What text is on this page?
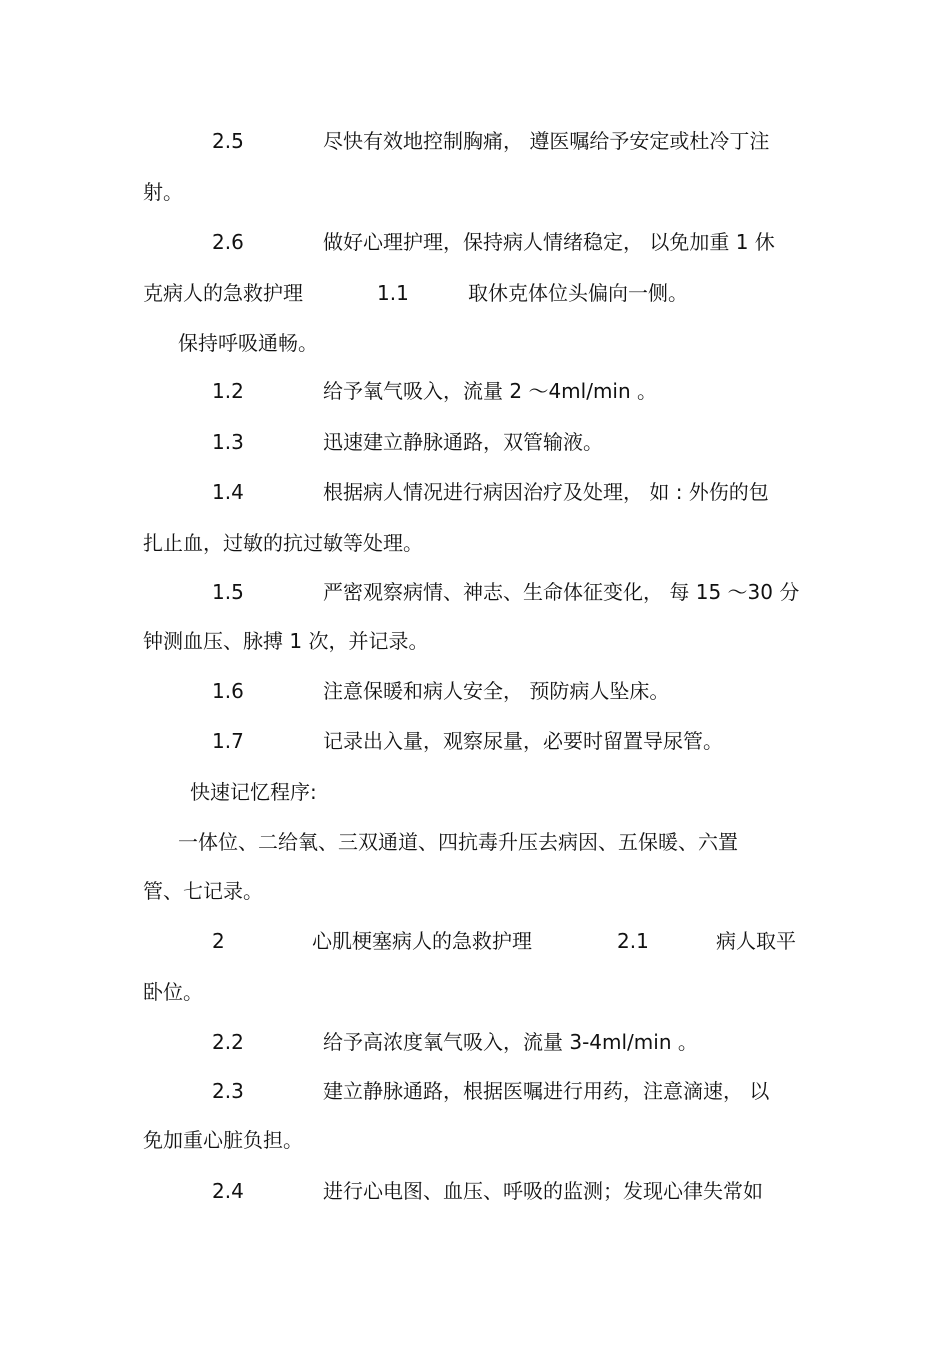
2.5	尽快有效地控制胸痛， 遵医嘱给予安定或杜冷丁注
射。
2.6	做好心理护理，保持病人情绪稳定， 以免加重 1 休
克病人的急救护理	1.1	取休克体位头偏向一侧。
保持呼吸通畅。
1.2	给予氧气吸入，流量 2 ～4ml/min 。
1.3	迅速建立静脉通路，双管输液。
1.4	根据病人情况进行病因治疗及处理， 如 : 外伤的包
扎止血，过敏的抗过敏等处理。
1.5	严密观察病情、神志、生命体征变化， 每 15 ～30 分
钟测血压、脉搏 1 次，并记录。
1.6	注意保暖和病人安全， 预防病人坠床。
1.7	记录出入量，观察尿量，必要时留置导尿管。
快速记忆程序:
一体位、二给氧、三双通道、四抗毒升压去病因、五保暖、六置
管、七记录。
2	心肌梗塞病人的急救护理	2.1	病人取平
卧位。
2.2	给予高浓度氧气吸入，流量 3-4ml/min 。
2.3	建立静脉通路，根据医嘱进行用药，注意滴速， 以
免加重心脏负担。
2.4	进行心电图、血压、呼吸的监测；发现心律失常如
